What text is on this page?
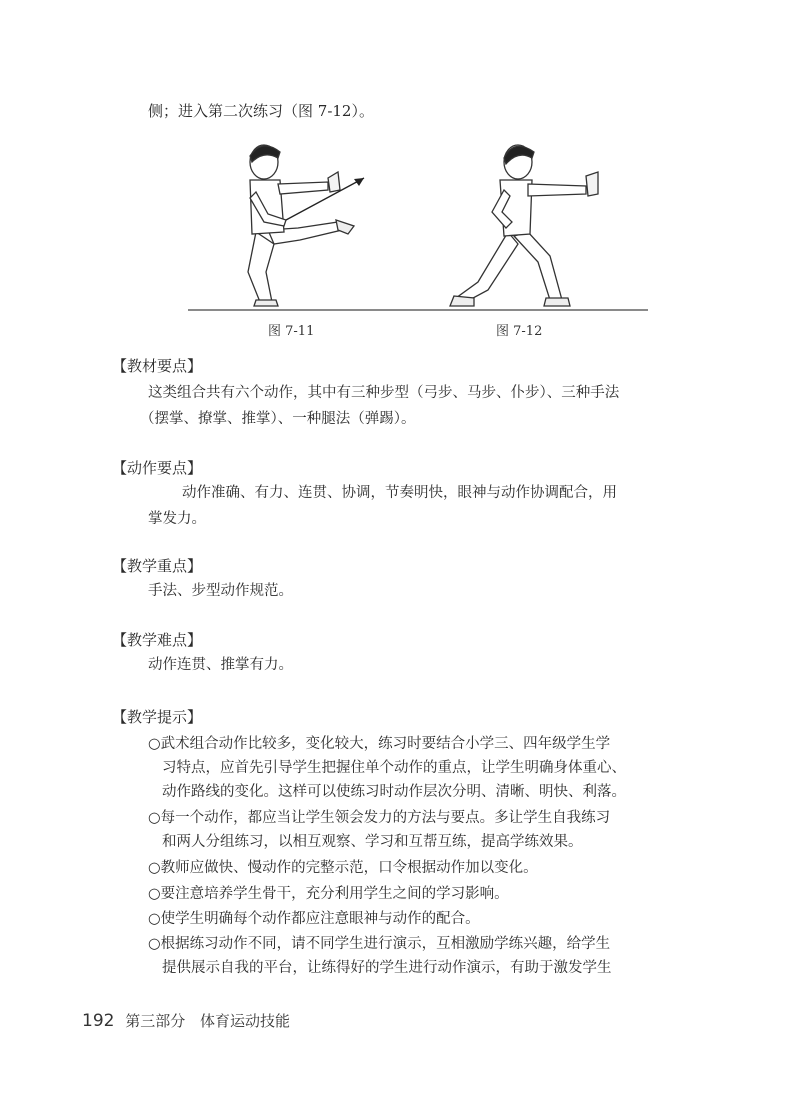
侧；进入第二次练习（图 7-12）。
图 7-11	图 7-12
【教材要点】
这类组合共有六个动作，其中有三种步型（弓步、马步、仆步）、三种手法
（摆掌、撩掌、推掌）、一种腿法（弹踢）。
【动作要点】
动作准确、有力、连贯、协调，节奏明快，眼神与动作协调配合，用
掌发力。
【教学重点】
手法、步型动作规范。
【教学难点】
动作连贯、推掌有力。
【教学提示】
○武术组合动作比较多，变化较大，练习时要结合小学三、四年级学生学
习特点，应首先引导学生把握住单个动作的重点，让学生明确身体重心、
动作路线的变化。这样可以使练习时动作层次分明、清晰、明快、利落。
○每一个动作，都应当让学生领会发力的方法与要点。多让学生自我练习
和两人分组练习，以相互观察、学习和互帮互练，提高学练效果。
○教师应做快、慢动作的完整示范，口令根据动作加以变化。
○要注意培养学生骨干，充分利用学生之间的学习影响。
○使学生明确每个动作都应注意眼神与动作的配合。
○根据练习动作不同，请不同学生进行演示，互相激励学练兴趣，给学生
提供展示自我的平台，让练得好的学生进行动作演示，有助于激发学生
192 第三部分 体育运动技能
